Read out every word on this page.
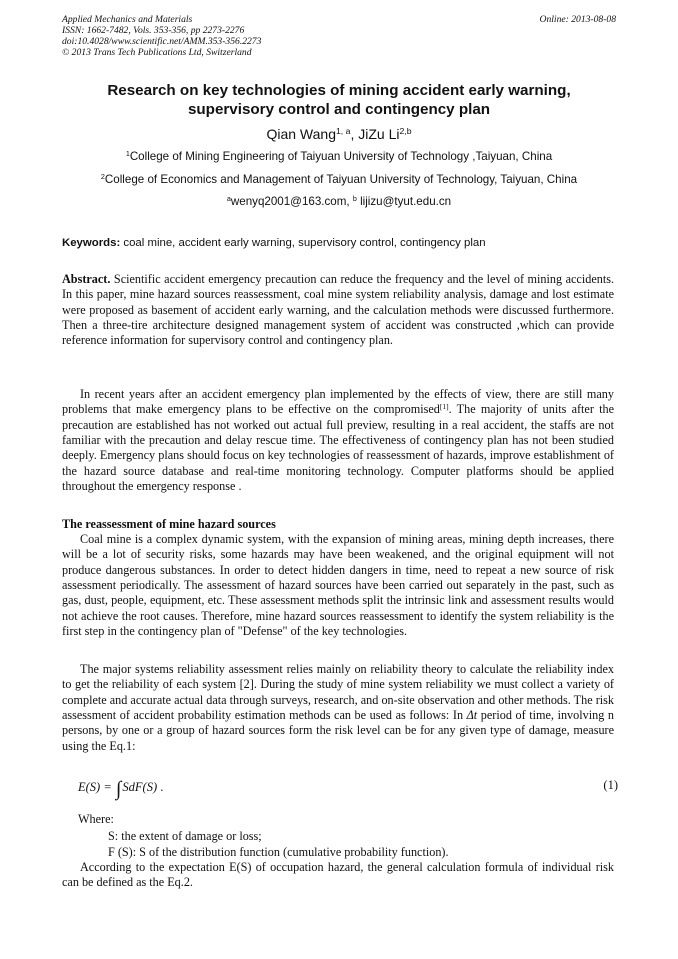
Applied Mechanics and Materials
ISSN: 1662-7482, Vols. 353-356, pp 2273-2276
doi:10.4028/www.scientific.net/AMM.353-356.2273
© 2013 Trans Tech Publications Ltd, Switzerland
Online: 2013-08-08
Research on key technologies of mining accident early warning,
supervisory control and contingency plan
Qian Wang$^{1, a}$, JiZu Li$^{2,b}$
$^1$College of Mining Engineering of Taiyuan University of Technology ,Taiyuan, China
$^2$College of Economics and Management of Taiyuan University of Technology, Taiyuan, China
$^a$wenyq2001@163.com, $^b$ lijizu@tyut.edu.cn
Keywords: coal mine, accident early warning, supervisory control, contingency plan
Abstract. Scientific accident emergency precaution can reduce the frequency and the level of mining accidents. In this paper, mine hazard sources reassessment, coal mine system reliability analysis, damage and lost estimate were proposed as basement of accident early warning, and the calculation methods were discussed furthermore. Then a three-tire architecture designed management system of accident was constructed ,which can provide reference information for supervisory control and contingency plan.
In recent years after an accident emergency plan implemented by the effects of view, there are still many problems that make emergency plans to be effective on the compromised[1]. The majority of units after the precaution are established has not worked out actual full preview, resulting in a real accident, the staffs are not familiar with the precaution and delay rescue time. The effectiveness of contingency plan has not been studied deeply. Emergency plans should focus on key technologies of reassessment of hazards, improve establishment of the hazard source database and real-time monitoring technology. Computer platforms should be applied throughout the emergency response .
The reassessment of mine hazard sources
Coal mine is a complex dynamic system, with the expansion of mining areas, mining depth increases, there will be a lot of security risks, some hazards may have been weakened, and the original equipment will not produce dangerous substances. In order to detect hidden dangers in time, need to repeat a new source of risk assessment periodically. The assessment of hazard sources have been carried out separately in the past, such as gas, dust, people, equipment, etc. These assessment methods split the intrinsic link and assessment results would not achieve the root causes. Therefore, mine hazard sources reassessment to identify the system reliability is the first step in the contingency plan of "Defense" of the key technologies.
The major systems reliability assessment relies mainly on reliability theory to calculate the reliability index to get the reliability of each system [2]. During the study of mine system reliability we must collect a variety of complete and accurate actual data through surveys, research, and on-site observation and other methods. The risk assessment of accident probability estimation methods can be used as follows: In Δt period of time, involving n persons, by one or a group of hazard sources form the risk level can be for any given type of damage, measure using the Eq.1:
E(S) = ∫SdF(S) .	(1)
Where:
S: the extent of damage or loss;
F (S): S of the distribution function (cumulative probability function).
According to the expectation E(S) of occupation hazard, the general calculation formula of individual risk can be defined as the Eq.2.
